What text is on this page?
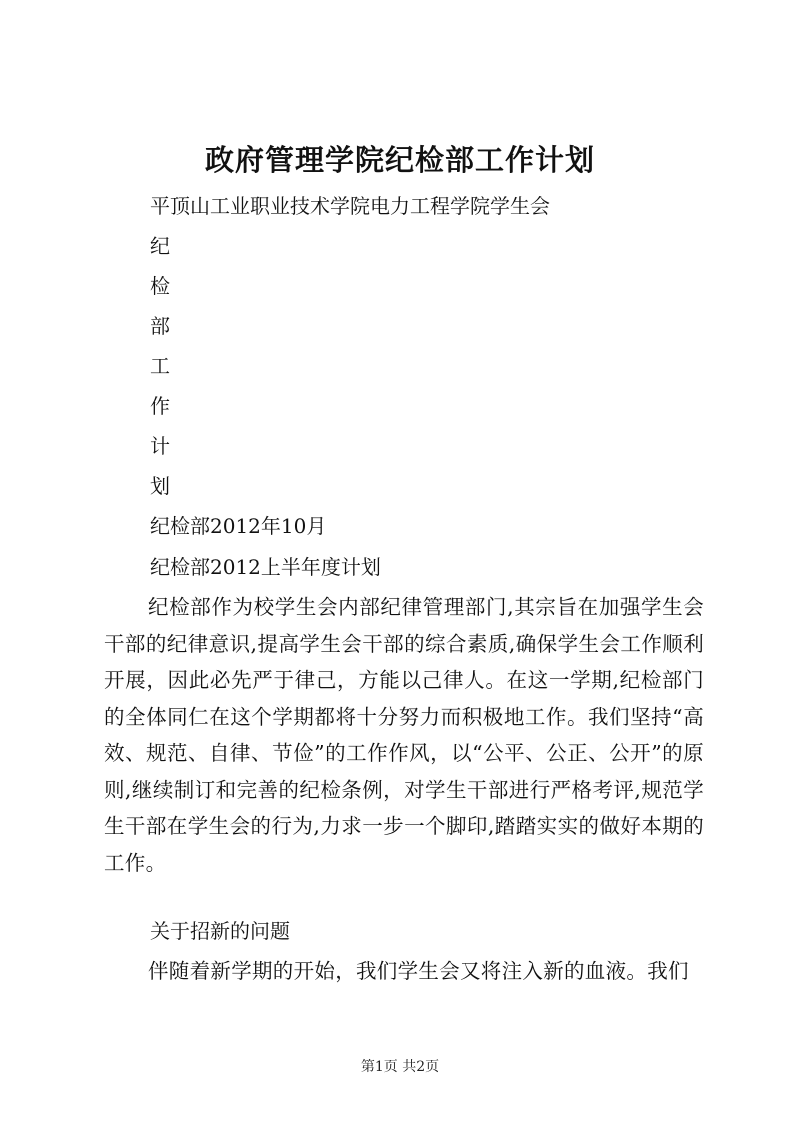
政府管理学院纪检部工作计划
平顶山工业职业技术学院电力工程学院学生会
纪
检
部
工
作
计
划
纪检部2012年10月
纪检部2012上半年度计划
纪检部作为校学生会内部纪律管理部门,其宗旨在加强学生会干部的纪律意识,提高学生会干部的综合素质,确保学生会工作顺利开展，因此必先严于律己，方能以己律人。在这一学期,纪检部门的全体同仁在这个学期都将十分努力而积极地工作。我们坚持“高效、规范、自律、节俭”的工作作风，以“公平、公正、公开”的原则,继续制订和完善的纪检条例，对学生干部进行严格考评,规范学生干部在学生会的行为,力求一步一个脚印,踏踏实实的做好本期的工作。
关于招新的问题
伴随着新学期的开始，我们学生会又将注入新的血液。我们
第1页 共2页
